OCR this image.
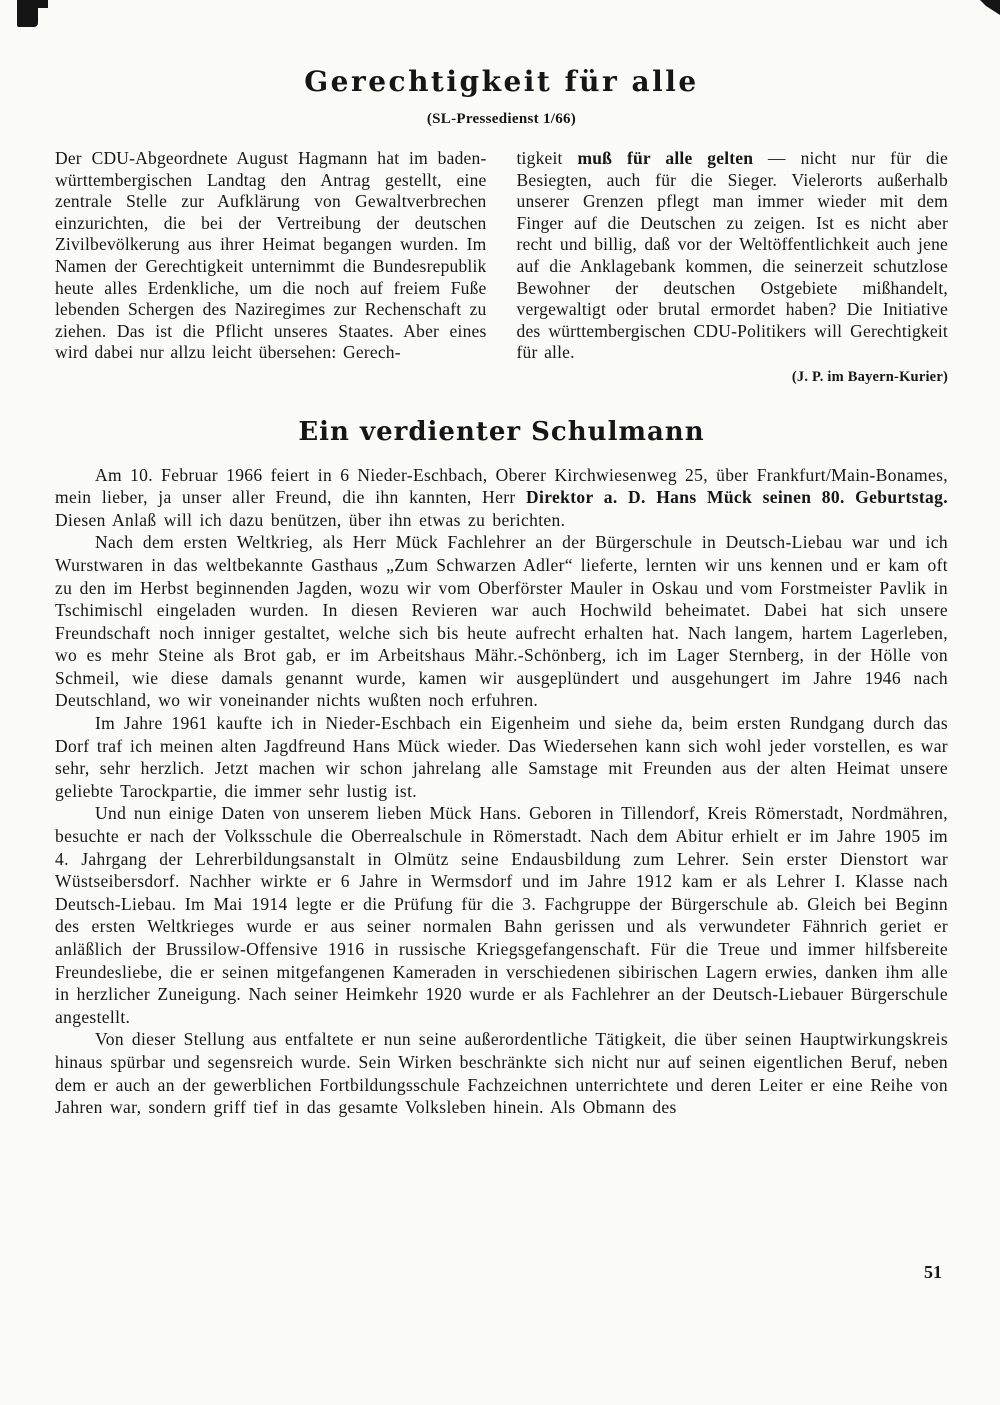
Gerechtigkeit für alle
(SL-Pressedienst 1/66)

Der CDU-Abgeordnete August Hagmann hat im baden-württembergischen Landtag den Antrag gestellt, eine zentrale Stelle zur Aufklärung von Gewaltverbrechen einzurichten, die bei der Vertreibung der deutschen Zivilbevölkerung aus ihrer Heimat begangen wurden. Im Namen der Gerechtigkeit unternimmt die Bundesrepublik heute alles Erdenkliche, um die noch auf freiem Fuße lebenden Schergen des Naziregimes zur Rechenschaft zu ziehen. Das ist die Pflicht unseres Staates. Aber eines wird dabei nur allzu leicht übersehen: Gerech-

tigkeit muß für alle gelten — nicht nur für die Besiegten, auch für die Sieger. Vielerorts außerhalb unserer Grenzen pflegt man immer wieder mit dem Finger auf die Deutschen zu zeigen. Ist es nicht aber recht und billig, daß vor der Weltöffentlichkeit auch jene auf die Anklagebank kommen, die seinerzeit schutzlose Bewohner der deutschen Ostgebiete mißhandelt, vergewaltigt oder brutal ermordet haben? Die Initiative des württembergischen CDU-Politikers will Gerechtigkeit für alle.

(J. P. im Bayern-Kurier)
Ein verdienter Schulmann

Am 10. Februar 1966 feiert in 6 Nieder-Eschbach, Oberer Kirchwiesenweg 25, über Frankfurt/Main-Bonames, mein lieber, ja unser aller Freund, die ihn kannten, Herr Direktor a. D. Hans Mück seinen 80. Geburtstag. Diesen Anlaß will ich dazu benützen, über ihn etwas zu berichten.

Nach dem ersten Weltkrieg, als Herr Mück Fachlehrer an der Bürgerschule in Deutsch-Liebau war und ich Wurstwaren in das weltbekannte Gasthaus „Zum Schwarzen Adler“ lieferte, lernten wir uns kennen und er kam oft zu den im Herbst beginnenden Jagden, wozu wir vom Oberförster Mauler in Oskau und vom Forstmeister Pavlik in Tschimischl eingeladen wurden. In diesen Revieren war auch Hochwild beheimatet. Dabei hat sich unsere Freundschaft noch inniger gestaltet, welche sich bis heute aufrecht erhalten hat. Nach langem, hartem Lagerleben, wo es mehr Steine als Brot gab, er im Arbeitshaus Mähr.-Schönberg, ich im Lager Sternberg, in der Hölle von Schmeil, wie diese damals genannt wurde, kamen wir ausgeplündert und ausgehungert im Jahre 1946 nach Deutschland, wo wir voneinander nichts wußten noch erfuhren.

Im Jahre 1961 kaufte ich in Nieder-Eschbach ein Eigenheim und siehe da, beim ersten Rundgang durch das Dorf traf ich meinen alten Jagdfreund Hans Mück wieder. Das Wiedersehen kann sich wohl jeder vorstellen, es war sehr, sehr herzlich. Jetzt machen wir schon jahrelang alle Samstage mit Freunden aus der alten Heimat unsere geliebte Tarockpartie, die immer sehr lustig ist.

Und nun einige Daten von unserem lieben Mück Hans. Geboren in Tillendorf, Kreis Römerstadt, Nordmähren, besuchte er nach der Volksschule die Oberrealschule in Römerstadt. Nach dem Abitur erhielt er im Jahre 1905 im 4. Jahrgang der Lehrerbildungsanstalt in Olmütz seine Endausbildung zum Lehrer. Sein erster Dienstort war Wüstseibersdorf. Nachher wirkte er 6 Jahre in Wermsdorf und im Jahre 1912 kam er als Lehrer I. Klasse nach Deutsch-Liebau. Im Mai 1914 legte er die Prüfung für die 3. Fachgruppe der Bürgerschule ab. Gleich bei Beginn des ersten Weltkrieges wurde er aus seiner normalen Bahn gerissen und als verwundeter Fähnrich geriet er anläßlich der Brussilow-Offensive 1916 in russische Kriegsgefangenschaft. Für die Treue und immer hilfsbereite Freundesliebe, die er seinen mitgefangenen Kameraden in verschiedenen sibirischen Lagern erwies, danken ihm alle in herzlicher Zuneigung. Nach seiner Heimkehr 1920 wurde er als Fachlehrer an der Deutsch-Liebauer Bürgerschule angestellt.

Von dieser Stellung aus entfaltete er nun seine außerordentliche Tätigkeit, die über seinen Hauptwirkungskreis hinaus spürbar und segensreich wurde. Sein Wirken beschränkte sich nicht nur auf seinen eigentlichen Beruf, neben dem er auch an der gewerblichen Fortbildungsschule Fachzeichnen unterrichtete und deren Leiter er eine Reihe von Jahren war, sondern griff tief in das gesamte Volksleben hinein. Als Obmann des

51
